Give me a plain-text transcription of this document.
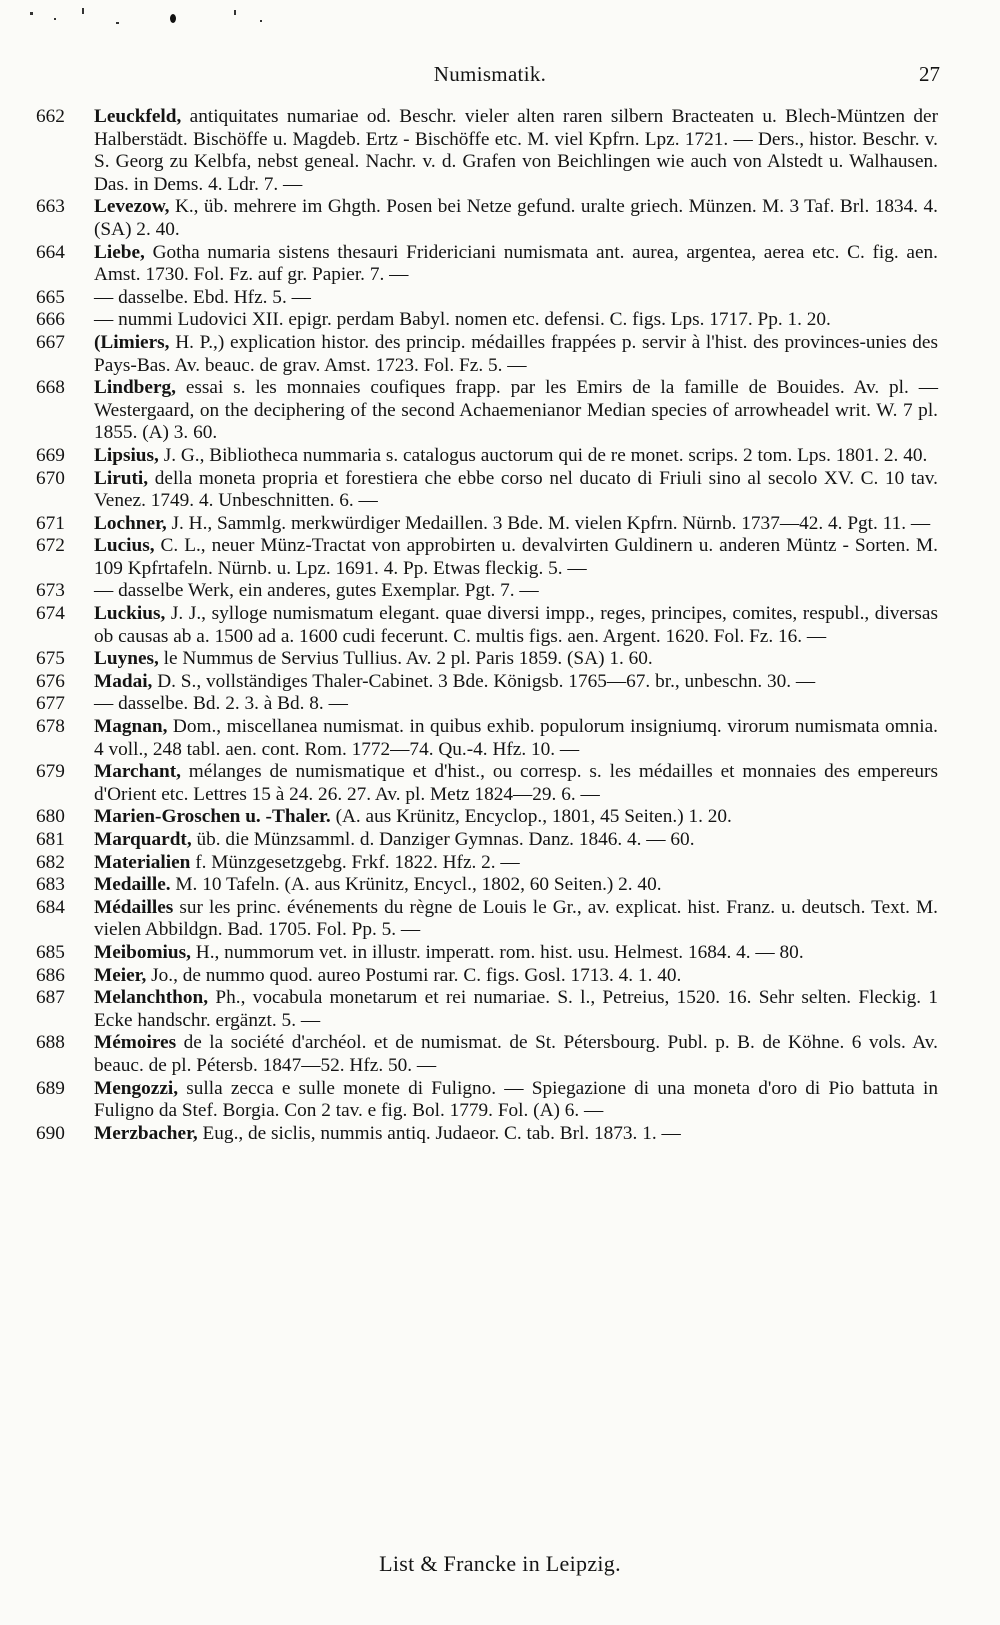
Numismatik.	27

662	Leuckfeld, antiquitates numariae od. Beschr. vieler alten raren silbern Bracteaten u. Blech-Müntzen der Halberstädt. Bischöffe u. Magdeb. Ertz - Bischöffe etc. M. viel Kpfrn. Lpz. 1721. — Ders., histor. Beschr. v. S. Georg zu Kelbfa, nebst geneal. Nachr. v. d. Grafen von Beichlingen wie auch von Alstedt u. Walhausen. Das. in Dems. 4. Ldr. 7. —

663	Levezow, K., üb. mehrere im Ghgth. Posen bei Netze gefund. uralte griech. Münzen. M. 3 Taf. Brl. 1834. 4. (SA) 2. 40.

664	Liebe, Gotha numaria sistens thesauri Fridericiani numismata ant. aurea, argentea, aerea etc. C. fig. aen. Amst. 1730. Fol. Fz. auf gr. Papier. 7. —

665	— dasselbe. Ebd. Hfz. 5. —

666	— nummi Ludovici XII. epigr. perdam Babyl. nomen etc. defensi. C. figs. Lps. 1717. Pp. 1. 20.

667	(Limiers, H. P.,) explication histor. des princip. médailles frappées p. servir à l'hist. des provinces-unies des Pays-Bas. Av. beauc. de grav. Amst. 1723. Fol. Fz. 5. —

668	Lindberg, essai s. les monnaies coufiques frapp. par les Emirs de la famille de Bouides. Av. pl. — Westergaard, on the deciphering of the second Achaemenianor Median species of arrowheadel writ. W. 7 pl. 1855. (A) 3. 60.

669	Lipsius, J. G., Bibliotheca nummaria s. catalogus auctorum qui de re monet. scrips. 2 tom. Lps. 1801. 2. 40.

670	Liruti, della moneta propria et forestiera che ebbe corso nel ducato di Friuli sino al secolo XV. C. 10 tav. Venez. 1749. 4. Unbeschnitten. 6. —

671	Lochner, J. H., Sammlg. merkwürdiger Medaillen. 3 Bde. M. vielen Kpfrn. Nürnb. 1737—42. 4. Pgt. 11. —

672	Lucius, C. L., neuer Münz-Tractat von approbirten u. devalvirten Guldinern u. anderen Müntz - Sorten. M. 109 Kpfrtafeln. Nürnb. u. Lpz. 1691. 4. Pp. Etwas fleckig. 5. —

673	— dasselbe Werk, ein anderes, gutes Exemplar. Pgt. 7. —

674	Luckius, J. J., sylloge numismatum elegant. quae diversi impp., reges, principes, comites, respubl., diversas ob causas ab a. 1500 ad a. 1600 cudi fecerunt. C. multis figs. aen. Argent. 1620. Fol. Fz. 16. —

675	Luynes, le Nummus de Servius Tullius. Av. 2 pl. Paris 1859. (SA) 1. 60.

676	Madai, D. S., vollständiges Thaler-Cabinet. 3 Bde. Königsb. 1765—67. br., unbeschn. 30. —

677	— dasselbe. Bd. 2. 3. à Bd. 8. —

678	Magnan, Dom., miscellanea numismat. in quibus exhib. populorum insigniumq. virorum numismata omnia. 4 voll., 248 tabl. aen. cont. Rom. 1772—74. Qu.-4. Hfz. 10. —

679	Marchant, mélanges de numismatique et d'hist., ou corresp. s. les médailles et monnaies des empereurs d'Orient etc. Lettres 15 à 24. 26. 27. Av. pl. Metz 1824—29. 6. —

680	Marien-Groschen u. -Thaler. (A. aus Krünitz, Encyclop., 1801, 45 Seiten.) 1. 20.

681	Marquardt, üb. die Münzsamml. d. Danziger Gymnas. Danz. 1846. 4. — 60.

682	Materialien f. Münzgesetzgebg. Frkf. 1822. Hfz. 2. —

683	Medaille. M. 10 Tafeln. (A. aus Krünitz, Encycl., 1802, 60 Seiten.) 2. 40.

684	Médailles sur les princ. événements du règne de Louis le Gr., av. explicat. hist. Franz. u. deutsch. Text. M. vielen Abbildgn. Bad. 1705. Fol. Pp. 5. —

685	Meibomius, H., nummorum vet. in illustr. imperatt. rom. hist. usu. Helmest. 1684. 4. — 80.

686	Meier, Jo., de nummo quod. aureo Postumi rar. C. figs. Gosl. 1713. 4. 1. 40.

687	Melanchthon, Ph., vocabula monetarum et rei numariae. S. l., Petreius, 1520. 16. Sehr selten. Fleckig. 1 Ecke handschr. ergänzt. 5. —

688	Mémoires de la société d'archéol. et de numismat. de St. Pétersbourg. Publ. p. B. de Köhne. 6 vols. Av. beauc. de pl. Pétersb. 1847—52. Hfz. 50. —

689	Mengozzi, sulla zecca e sulle monete di Fuligno. — Spiegazione di una moneta d'oro di Pio battuta in Fuligno da Stef. Borgia. Con 2 tav. e fig. Bol. 1779. Fol. (A) 6. —

690	Merzbacher, Eug., de siclis, nummis antiq. Judaeor. C. tab. Brl. 1873. 1. —

List & Francke in Leipzig.
